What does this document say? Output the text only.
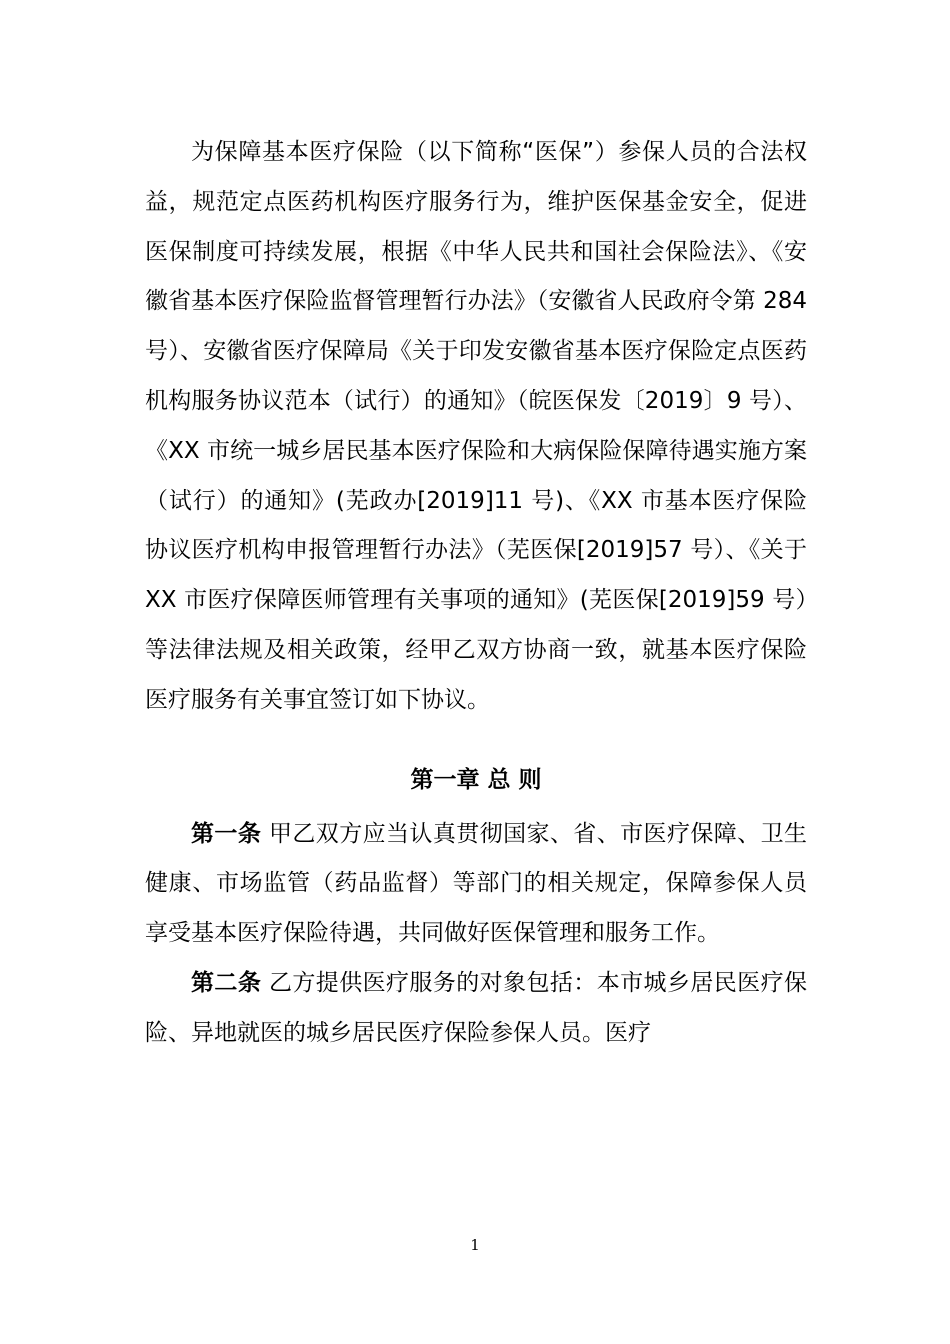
为保障基本医疗保险（以下简称“医保”）参保人员的合法权益，规范定点医药机构医疗服务行为，维护医保基金安全，促进医保制度可持续发展，根据《中华人民共和国社会保险法》、《安徽省基本医疗保险监督管理暂行办法》（安徽省人民政府令第 284 号）、安徽省医疗保障局《关于印发安徽省基本医疗保险定点医药机构服务协议范本（试行）的通知》（皖医保发〔2019〕9 号）、《XX 市统一城乡居民基本医疗保险和大病保险保障待遇实施方案（试行）的通知》(芜政办[2019]11 号)、《XX 市基本医疗保险协议医疗机构申报管理暂行办法》（芜医保[2019]57 号）、《关于 XX 市医疗保障医师管理有关事项的通知》(芜医保[2019]59 号）等法律法规及相关政策，经甲乙双方协商一致，就基本医疗保险医疗服务有关事宜签订如下协议。

第一章 总 则

第一条 甲乙双方应当认真贯彻国家、省、市医疗保障、卫生健康、市场监管（药品监督）等部门的相关规定，保障参保人员享受基本医疗保险待遇，共同做好医保管理和服务工作。

第二条 乙方提供医疗服务的对象包括：本市城乡居民医疗保险、异地就医的城乡居民医疗保险参保人员。医疗

1
